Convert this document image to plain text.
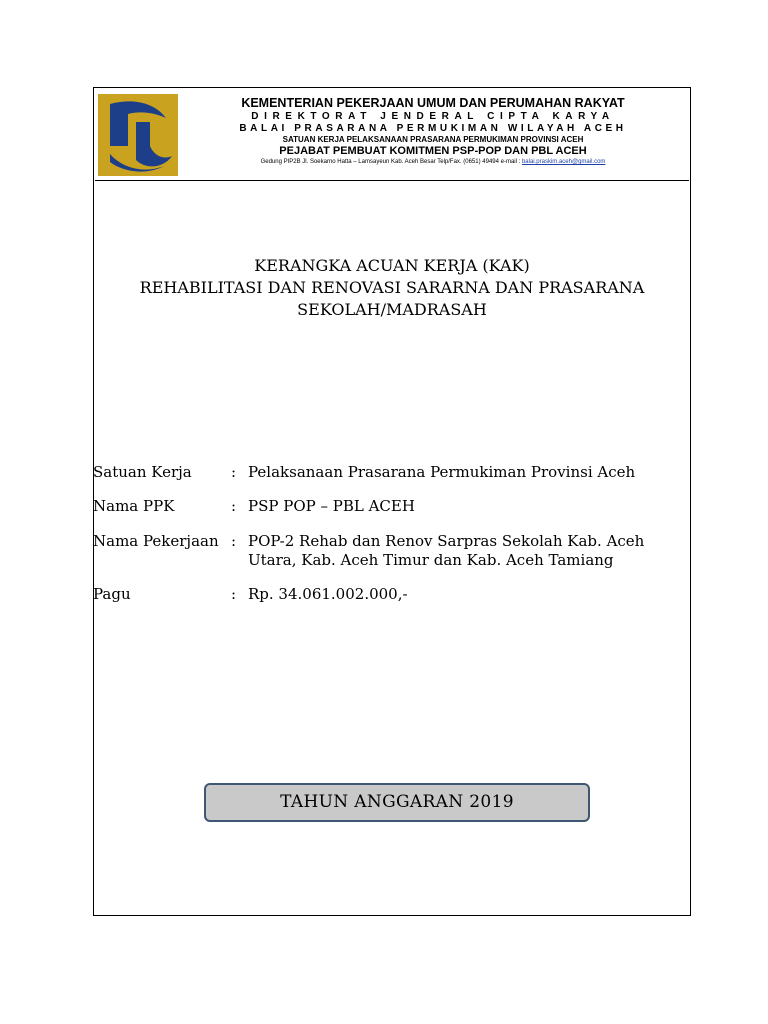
KEMENTERIAN PEKERJAAN UMUM DAN PERUMAHAN RAKYAT
DIREKTORAT JENDERAL CIPTA KARYA
BALAI PRASARANA PERMUKIMAN WILAYAH ACEH
SATUAN KERJA PELAKSANAAN PRASARANA PERMUKIMAN PROVINSI ACEH
PEJABAT PEMBUAT KOMITMEN PSP-POP DAN PBL ACEH
Gedung PIP2B Jl. Soekarno Hatta – Lamsayeun Kab. Aceh Besar Telp/Fax. (0651) 49494 e-mail : balai.praskim.aceh@gmail.com
KERANGKA ACUAN KERJA (KAK)
REHABILITASI DAN RENOVASI SARARNA DAN PRASARANA
SEKOLAH/MADRASAH
Satuan Kerja	: Pelaksanaan Prasarana Permukiman Provinsi Aceh
Nama PPK	: PSP POP – PBL ACEH
Nama Pekerjaan : POP-2 Rehab dan Renov Sarpras Sekolah Kab. Aceh
Utara, Kab. Aceh Timur dan Kab. Aceh Tamiang
Pagu	: Rp. 34.061.002.000,-
TAHUN ANGGARAN 2019
